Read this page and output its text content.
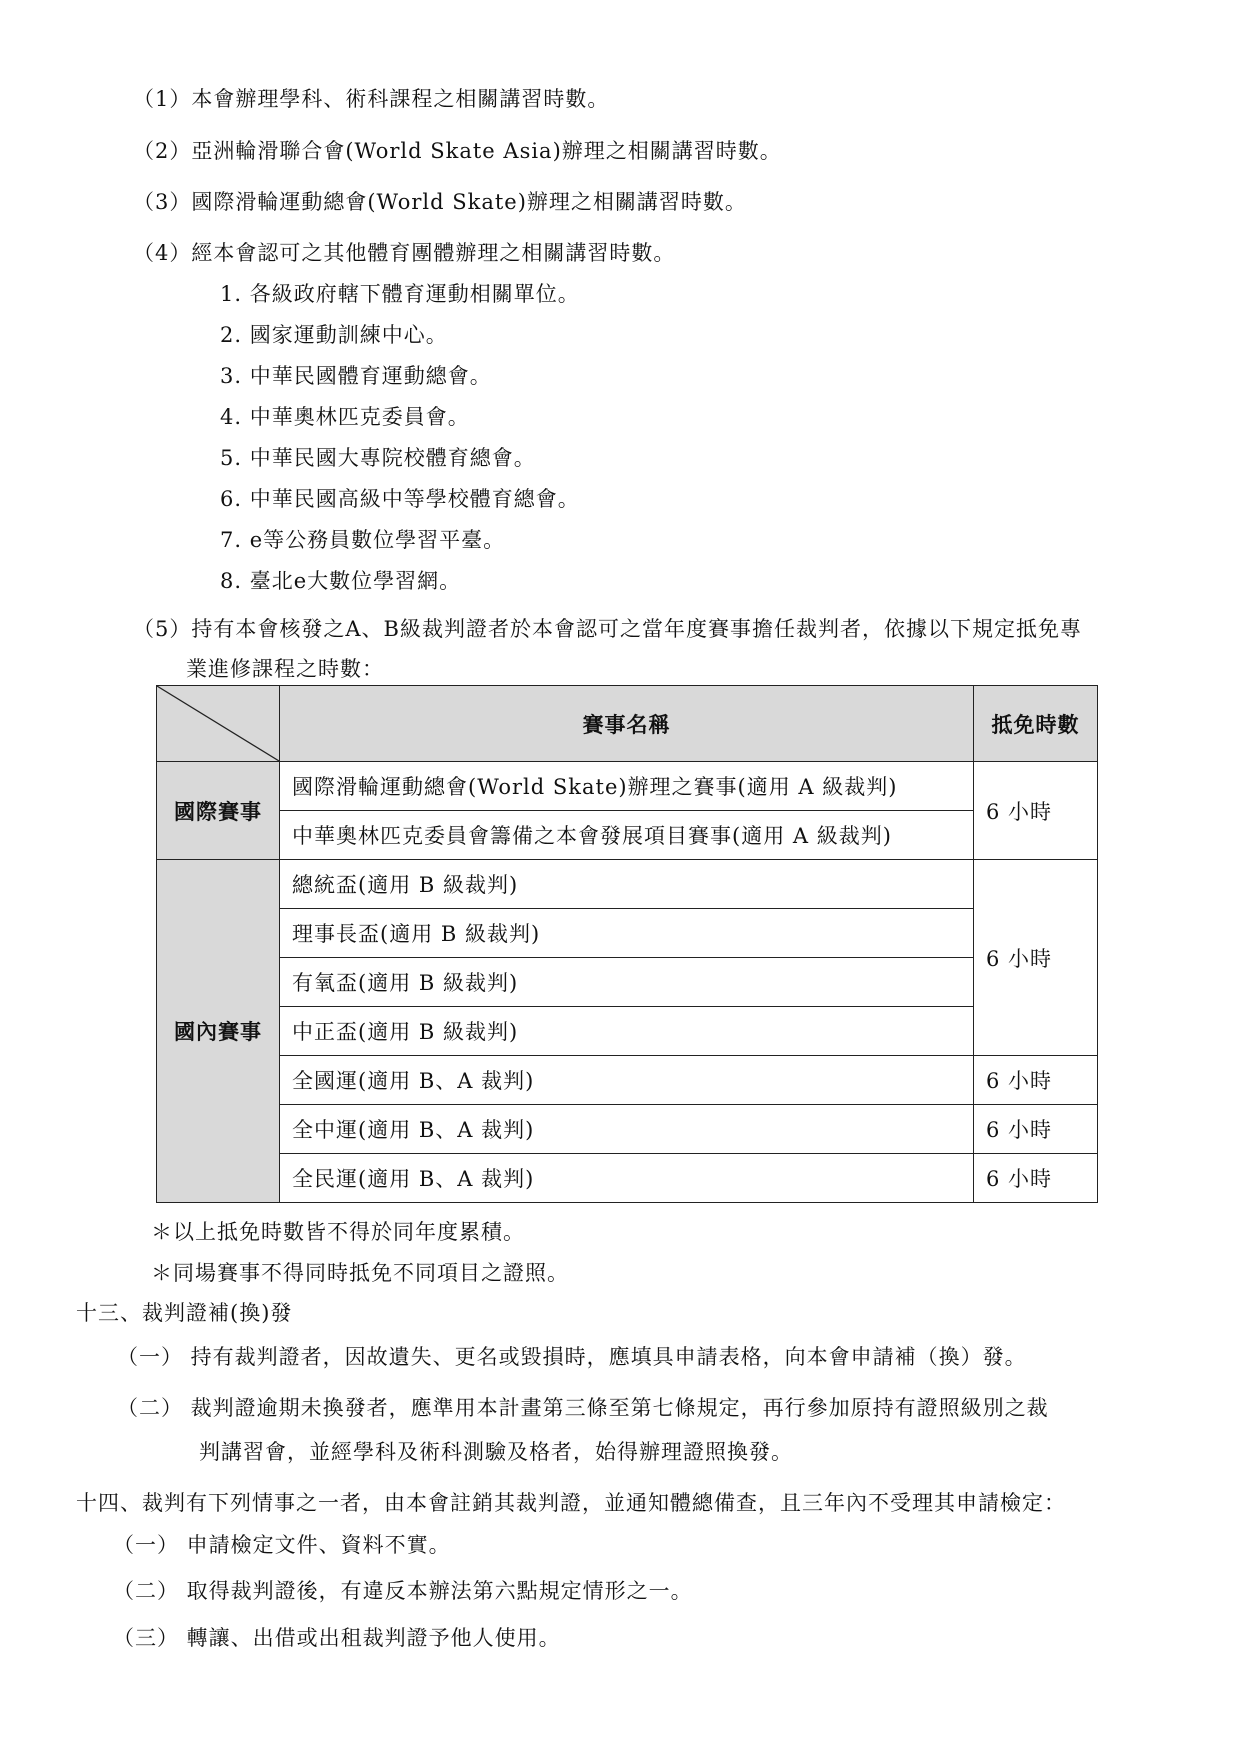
（1）本會辦理學科、術科課程之相關講習時數。
（2）亞洲輪滑聯合會(World Skate Asia)辦理之相關講習時數。
（3）國際滑輪運動總會(World Skate)辦理之相關講習時數。
（4）經本會認可之其他體育團體辦理之相關講習時數。
1. 各級政府轄下體育運動相關單位。
2. 國家運動訓練中心。
3. 中華民國體育運動總會。
4. 中華奧林匹克委員會。
5. 中華民國大專院校體育總會。
6. 中華民國高級中等學校體育總會。
7. e等公務員數位學習平臺。
8. 臺北e大數位學習網。
（5）持有本會核發之A、B級裁判證者於本會認可之當年度賽事擔任裁判者，依據以下規定抵免專
業進修課程之時數：
	賽事名稱	抵免時數
國際賽事	國際滑輪運動總會(World Skate)辦理之賽事(適用 A 級裁判)	6 小時
	中華奧林匹克委員會籌備之本會發展項目賽事(適用 A 級裁判)	
國內賽事	總統盃(適用 B 級裁判)	6 小時
	理事長盃(適用 B 級裁判)	
	有氧盃(適用 B 級裁判)	
	中正盃(適用 B 級裁判)	
	全國運(適用 B、A 裁判)	6 小時
	全中運(適用 B、A 裁判)	6 小時
	全民運(適用 B、A 裁判)	6 小時
＊以上抵免時數皆不得於同年度累積。
＊同場賽事不得同時抵免不同項目之證照。
十三、裁判證補(換)發
（一） 持有裁判證者，因故遺失、更名或毀損時，應填具申請表格，向本會申請補（換）發。
（二） 裁判證逾期未換發者，應準用本計畫第三條至第七條規定，再行參加原持有證照級別之裁
判講習會，並經學科及術科測驗及格者，始得辦理證照換發。
十四、裁判有下列情事之一者，由本會註銷其裁判證，並通知體總備查，且三年內不受理其申請檢定：
（一） 申請檢定文件、資料不實。
（二） 取得裁判證後，有違反本辦法第六點規定情形之一。
（三） 轉讓、出借或出租裁判證予他人使用。
